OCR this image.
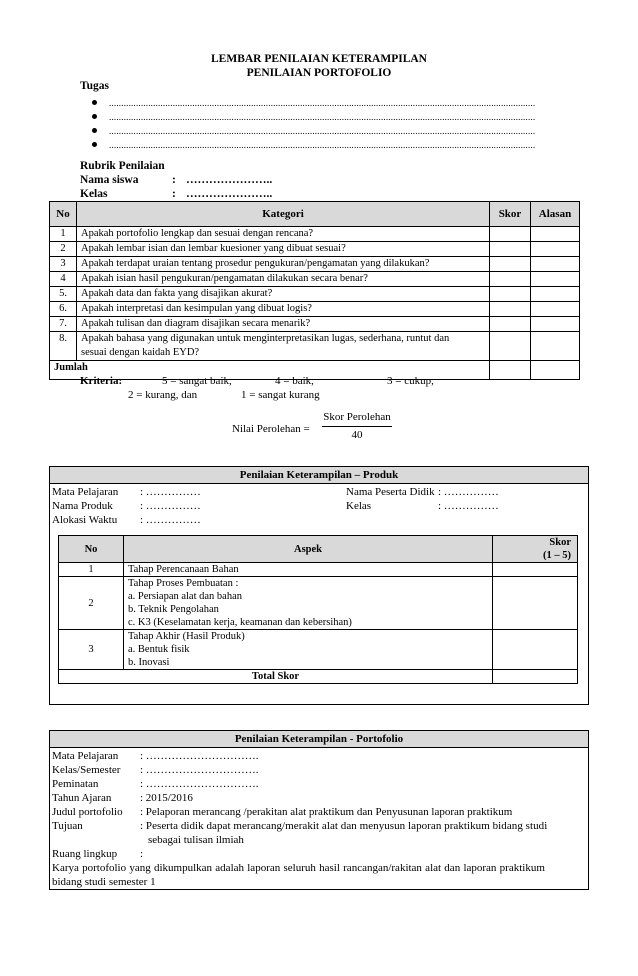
LEMBAR PENILAIAN KETERAMPILAN
PENILAIAN PORTOFOLIO
Tugas
..............................................................................................................................................................................
..............................................................................................................................................................................
..............................................................................................................................................................................
..............................................................................................................................................................................
Rubrik Penilaian
Nama siswa	: …………………..
Kelas	: …………………..
No	Kategori	Skor	Alasan
1	Apakah portofolio lengkap dan sesuai dengan rencana?		
2	Apakah lembar isian dan lembar kuesioner yang dibuat sesuai?		
3	Apakah terdapat uraian tentang prosedur pengukuran/pengamatan yang dilakukan?		
4	Apakah isian hasil pengukuran/pengamatan dilakukan secara benar?		
5.	Apakah data dan fakta yang disajikan akurat?		
6.	Apakah interpretasi dan kesimpulan yang dibuat logis?		
7.	Apakah tulisan dan diagram disajikan secara menarik?		
8.	Apakah bahasa yang digunakan untuk menginterpretasikan lugas, sederhana, runtut dan
sesuai dengan kaidah EYD?		

Jumlah			
Kriteria:	5 = sangat baik,	4 = baik,	3 = cukup,
2 = kurang, dan	1 = sangat kurang
Nilai Perolehan =
Skor Perolehan
40
Penilaian Keterampilan – Produk
Mata Pelajaran : ……………
Nama Produk : ……………
Alokasi Waktu : ……………
Nama Peserta Didik : ……………
Kelas	: ……………
No	Aspek	Skor
(1 – 5)

1	Tahap Perencanaan Bahan	
2	Tahap Proses Pembuatan :
a. Persiapan alat dan bahan
b. Teknik Pengolahan
c. K3 (Keselamatan kerja, keamanan dan kebersihan)	

3	Tahap Akhir (Hasil Produk)
a. Bentuk fisik
b. Inovasi	

Total Skor		
Penilaian Keterampilan - Portofolio
Mata Pelajaran : ………………………….
Kelas/Semester : ………………………….
Peminatan	: ………………………….
Tahun Ajaran	: 2015/2016
Judul portofolio : Pelaporan merancang /perakitan alat praktikum dan Penyusunan laporan praktikum
Tujuan	: Peserta didik dapat merancang/merakit alat dan menyusun laporan praktikum bidang studi
sebagai tulisan ilmiah
Ruang lingkup :
Karya portofolio yang dikumpulkan adalah laporan seluruh hasil rancangan/rakitan alat dan laporan praktikum
bidang studi semester 1
